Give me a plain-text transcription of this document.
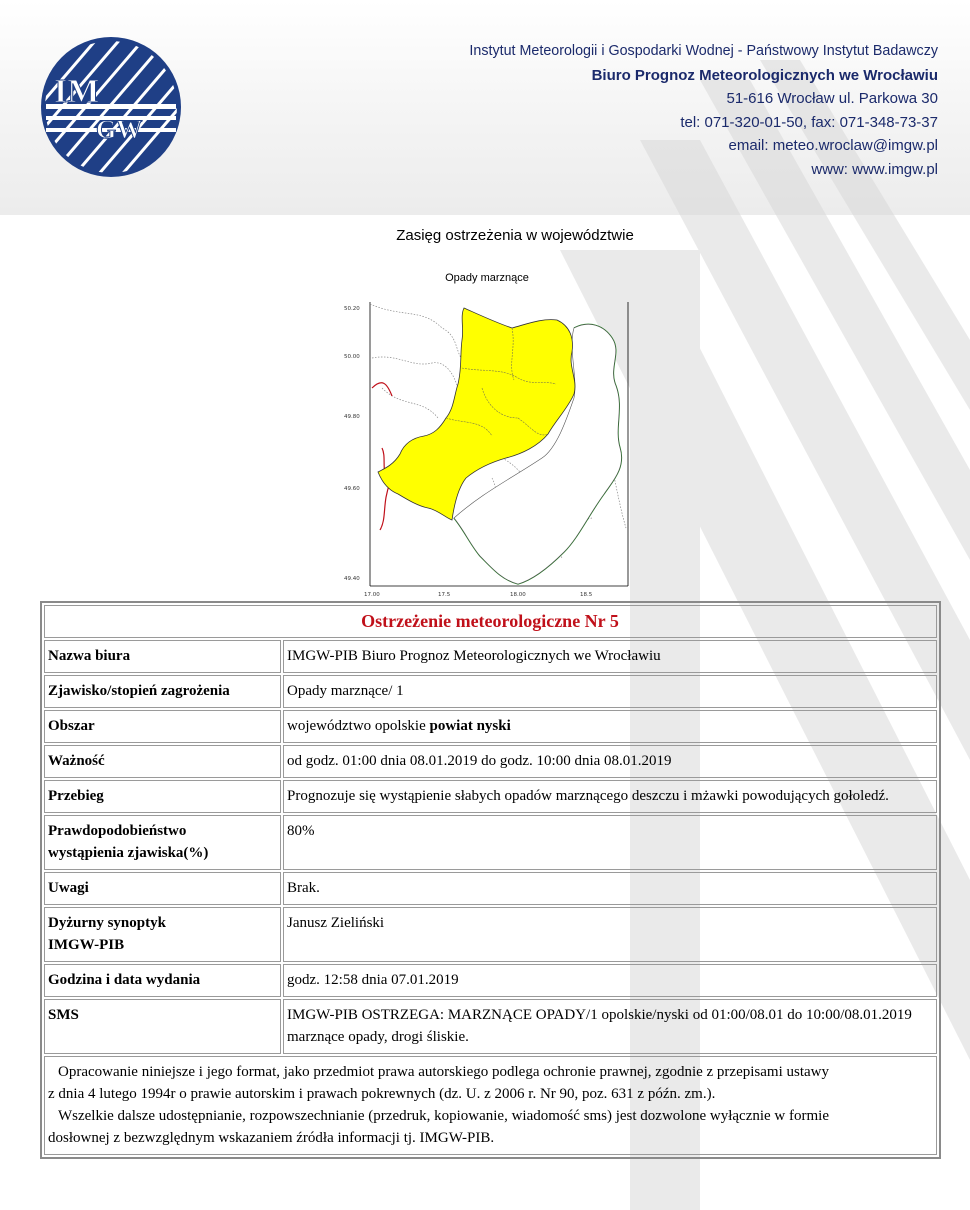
IM
GW
Instytut Meteorologii i Gospodarki Wodnej - Państwowy Instytut Badawczy
Biuro Prognoz Meteorologicznych we Wrocławiu
51-616 Wrocław ul. Parkowa 30
tel: 071-320-01-50, fax: 071-348-73-37
email: meteo.wroclaw@imgw.pl
www: www.imgw.pl
Zasięg ostrzeżenia w województwie
Opady marznące
50.20
50.00
49.80
49.60
49.40
17.00	17.5	18.00	18.5
Ostrzeżenie meteorologiczne Nr 5	
Nazwa biura	IMGW-PIB Biuro Prognoz Meteorologicznych we Wrocławiu
Zjawisko/stopień zagrożenia	Opady marznące/ 1
Obszar	województwo opolskie powiat nyski
Ważność	od godz. 01:00 dnia 08.01.2019 do godz. 10:00 dnia 08.01.2019
Przebieg	Prognozuje się wystąpienie słabych opadów marznącego deszczu i mżawki powodujących gołoledź.
Prawdopodobieństwo
wystąpienia zjawiska(%)	80%
Uwagi	Brak.
Dyżurny synoptyk
IMGW-PIB	Janusz Zieliński
Godzina i data wydania	godz. 12:58 dnia 07.01.2019
SMS	IMGW-PIB OSTRZEGA: MARZNĄCE OPADY/1 opolskie/nyski od 01:00/08.01 do 10:00/08.01.2019 marznące opady, drogi śliskie.

Opracowanie niniejsze i jego format, jako przedmiot prawa autorskiego podlega ochronie prawnej, zgodnie z przepisami ustawy
z dnia 4 lutego 1994r o prawie autorskim i prawach pokrewnych (dz. U. z 2006 r. Nr 90, poz. 631 z późn. zm.).
Wszelkie dalsze udostępnianie, rozpowszechnianie (przedruk, kopiowanie, wiadomość sms) jest dozwolone wyłącznie w formie
dosłownej z bezwzględnym wskazaniem źródła informacji tj. IMGW-PIB.	
